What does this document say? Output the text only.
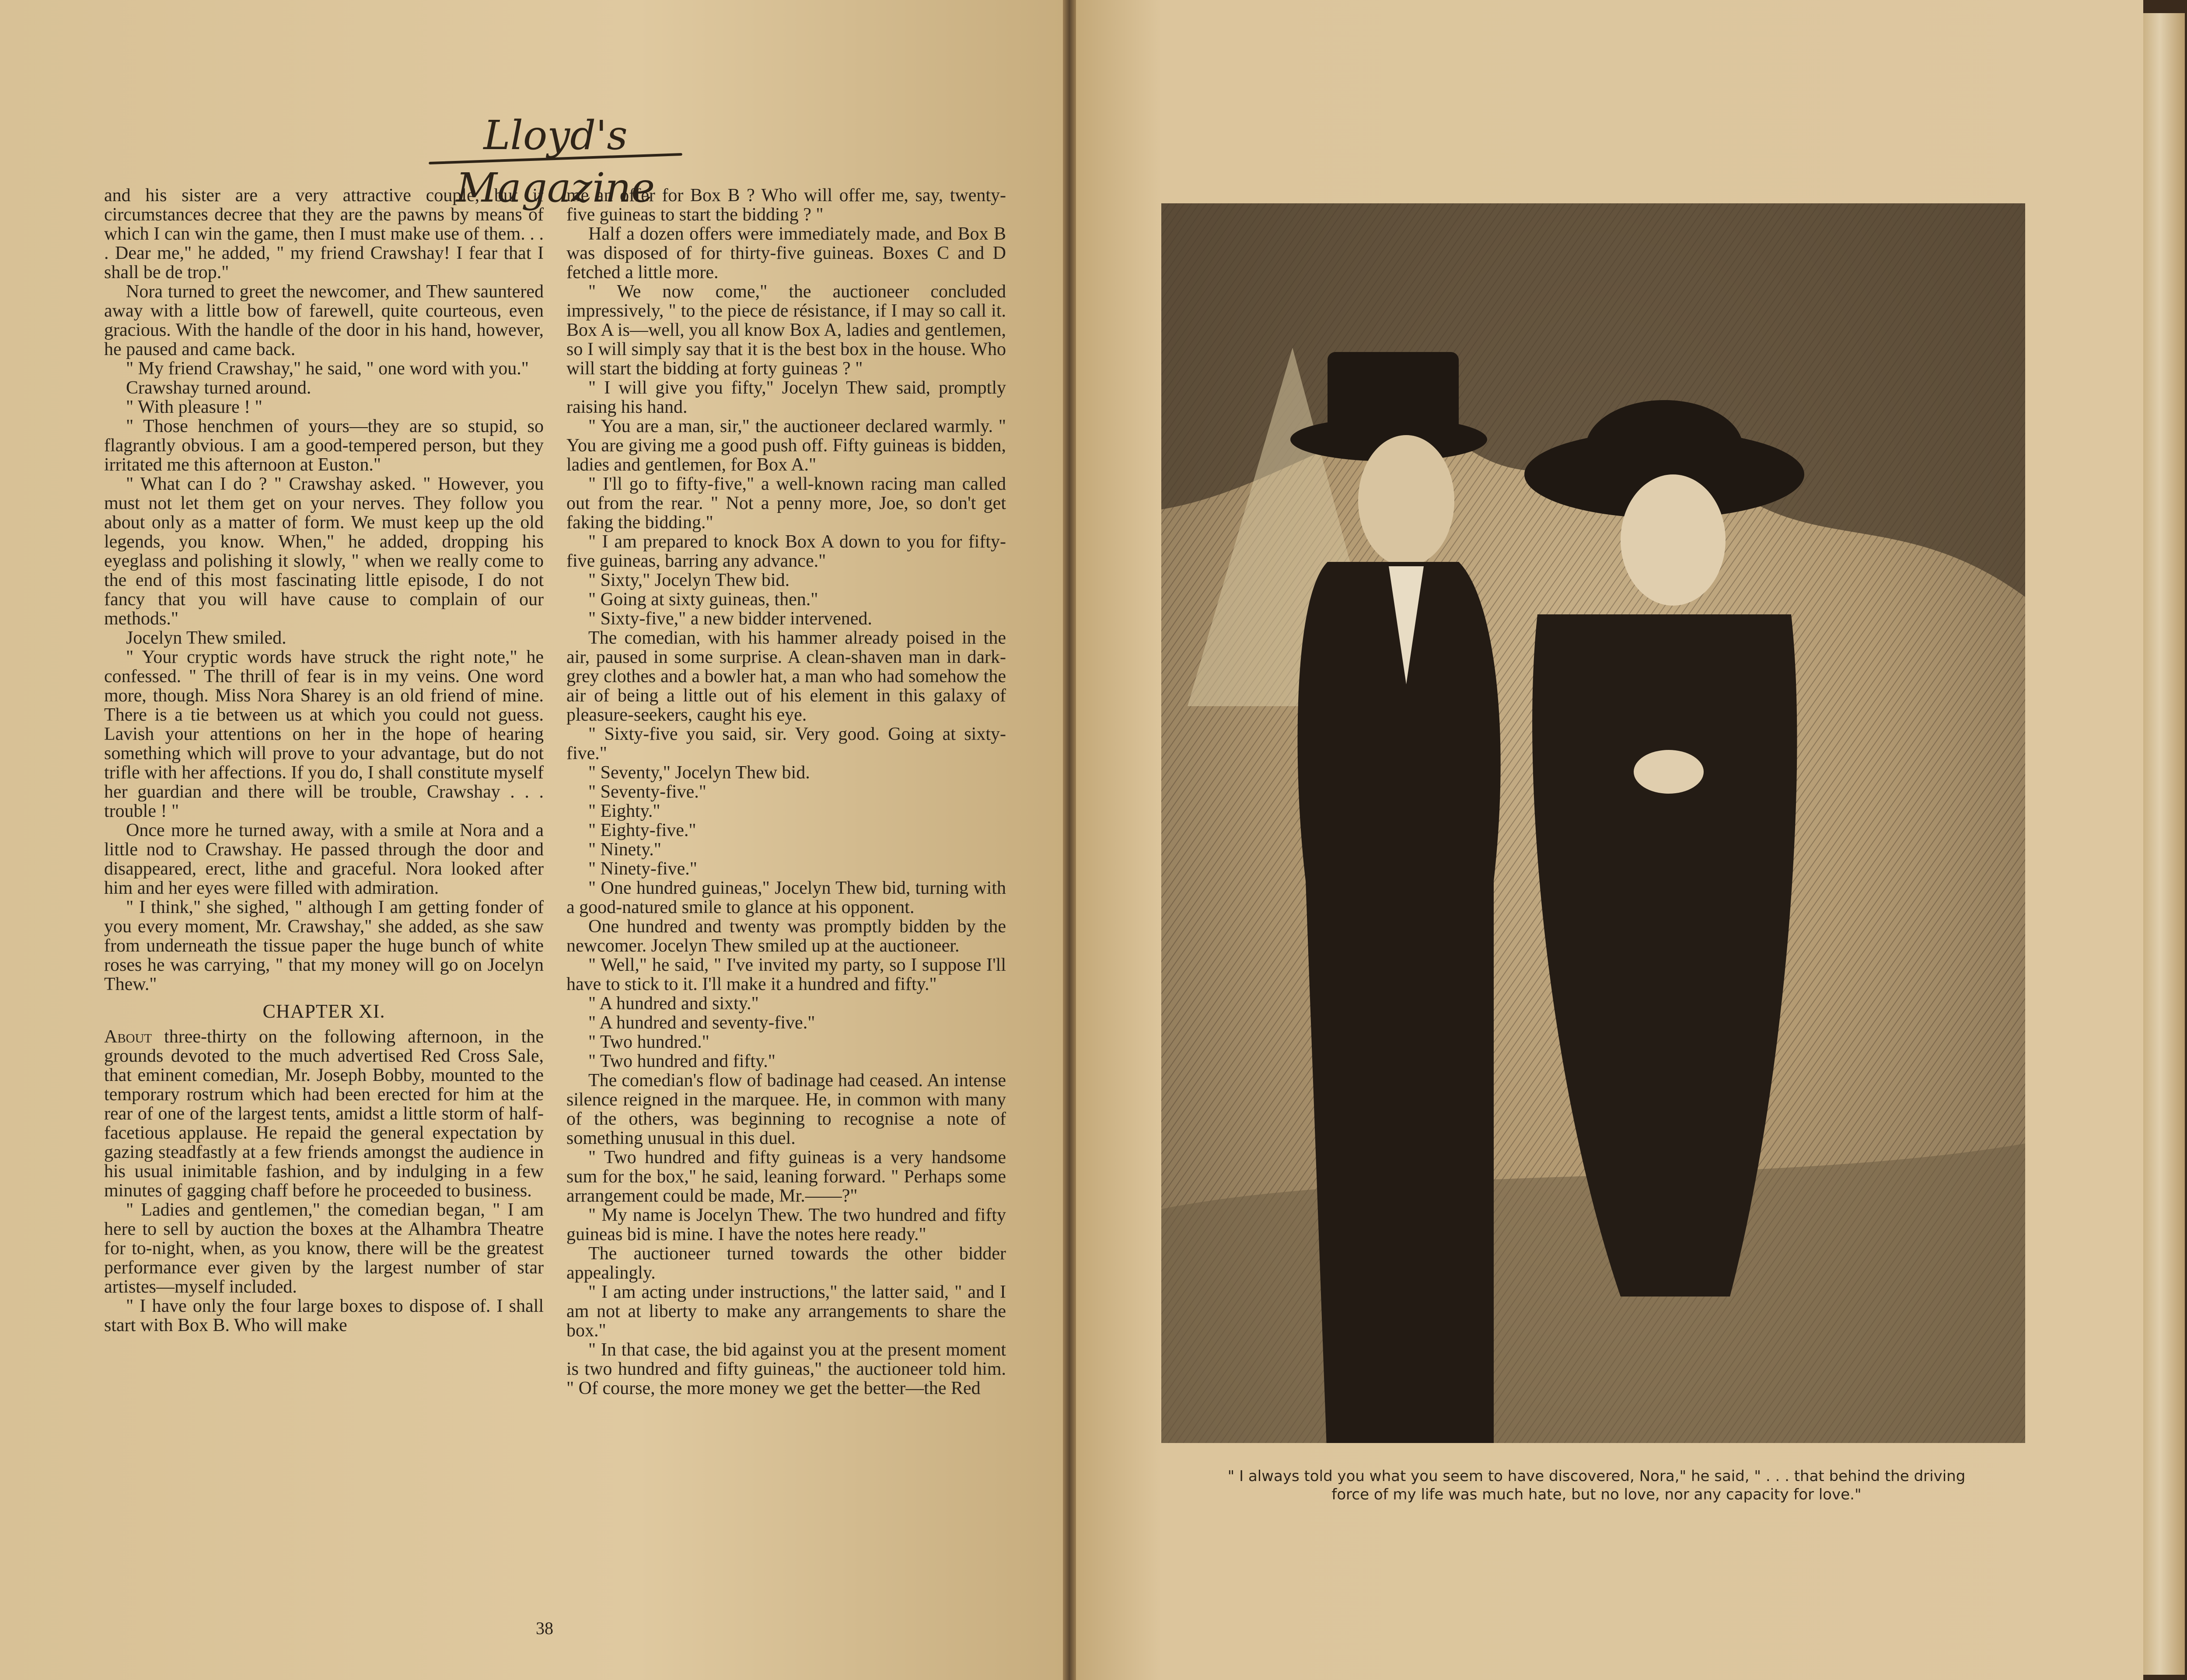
Lloyd's Magazine

and his sister are a very attractive couple, but if circumstances decree that they are the pawns by means of which I can win the game, then I must make use of them. . . . Dear me," he added, " my friend Crawshay! I fear that I shall be de trop."

Nora turned to greet the newcomer, and Thew sauntered away with a little bow of farewell, quite courteous, even gracious. With the handle of the door in his hand, however, he paused and came back.

" My friend Crawshay," he said, " one word with you."

Crawshay turned around.

" With pleasure ! "

" Those henchmen of yours—they are so stupid, so flagrantly obvious. I am a good-tempered person, but they irritated me this afternoon at Euston."

" What can I do ? " Crawshay asked. " However, you must not let them get on your nerves. They follow you about only as a matter of form. We must keep up the old legends, you know. When," he added, dropping his eyeglass and polishing it slowly, " when we really come to the end of this most fascinating little episode, I do not fancy that you will have cause to complain of our methods."

Jocelyn Thew smiled.

" Your cryptic words have struck the right note," he confessed. " The thrill of fear is in my veins. One word more, though. Miss Nora Sharey is an old friend of mine. There is a tie between us at which you could not guess. Lavish your attentions on her in the hope of hearing something which will prove to your advantage, but do not trifle with her affections. If you do, I shall constitute myself her guardian and there will be trouble, Crawshay . . . trouble ! "

Once more he turned away, with a smile at Nora and a little nod to Crawshay. He passed through the door and disappeared, erect, lithe and graceful. Nora looked after him and her eyes were filled with admiration.

" I think," she sighed, " although I am getting fonder of you every moment, Mr. Crawshay," she added, as she saw from underneath the tissue paper the huge bunch of white roses he was carrying, " that my money will go on Jocelyn Thew."

CHAPTER XI.

About three-thirty on the following afternoon, in the grounds devoted to the much advertised Red Cross Sale, that eminent comedian, Mr. Joseph Bobby, mounted to the temporary rostrum which had been erected for him at the rear of one of the largest tents, amidst a little storm of half-facetious applause. He repaid the general expectation by gazing steadfastly at a few friends amongst the audience in his usual inimitable fashion, and by indulging in a few minutes of gagging chaff before he proceeded to business.

" Ladies and gentlemen," the comedian began, " I am here to sell by auction the boxes at the Alhambra Theatre for to-night, when, as you know, there will be the greatest performance ever given by the largest number of star artistes—myself included.

" I have only the four large boxes to dispose of. I shall start with Box B. Who will make

me an offer for Box B ? Who will offer me, say, twenty-five guineas to start the bidding ? "

Half a dozen offers were immediately made, and Box B was disposed of for thirty-five guineas. Boxes C and D fetched a little more.

" We now come," the auctioneer concluded impressively, " to the piece de résistance, if I may so call it. Box A is—well, you all know Box A, ladies and gentlemen, so I will simply say that it is the best box in the house. Who will start the bidding at forty guineas ? "

" I will give you fifty," Jocelyn Thew said, promptly raising his hand.

" You are a man, sir," the auctioneer declared warmly. " You are giving me a good push off. Fifty guineas is bidden, ladies and gentlemen, for Box A."

" I'll go to fifty-five," a well-known racing man called out from the rear. " Not a penny more, Joe, so don't get faking the bidding."

" I am prepared to knock Box A down to you for fifty-five guineas, barring any advance."

" Sixty," Jocelyn Thew bid.

" Going at sixty guineas, then."

" Sixty-five," a new bidder intervened.

The comedian, with his hammer already poised in the air, paused in some surprise. A clean-shaven man in dark-grey clothes and a bowler hat, a man who had somehow the air of being a little out of his element in this galaxy of pleasure-seekers, caught his eye.

" Sixty-five you said, sir. Very good. Going at sixty-five."

" Seventy," Jocelyn Thew bid.

" Seventy-five."

" Eighty."

" Eighty-five."

" Ninety."

" Ninety-five."

" One hundred guineas," Jocelyn Thew bid, turning with a good-natured smile to glance at his opponent.

One hundred and twenty was promptly bidden by the newcomer. Jocelyn Thew smiled up at the auctioneer.

" Well," he said, " I've invited my party, so I suppose I'll have to stick to it. I'll make it a hundred and fifty."

" A hundred and sixty."

" A hundred and seventy-five."

" Two hundred."

" Two hundred and fifty."

The comedian's flow of badinage had ceased. An intense silence reigned in the marquee. He, in common with many of the others, was beginning to recognise a note of something unusual in this duel.

" Two hundred and fifty guineas is a very handsome sum for the box," he said, leaning forward. " Perhaps some arrangement could be made, Mr.——?"

" My name is Jocelyn Thew. The two hundred and fifty guineas bid is mine. I have the notes here ready."

The auctioneer turned towards the other bidder appealingly.

" I am acting under instructions," the latter said, " and I am not at liberty to make any arrangements to share the box."

" In that case, the bid against you at the present moment is two hundred and fifty guineas," the auctioneer told him. " Of course, the more money we get the better—the Red

38
" I always told you what you seem to have discovered, Nora," he said, " . . . that behind the driving
force of my life was much hate, but no love, nor any capacity for love."
